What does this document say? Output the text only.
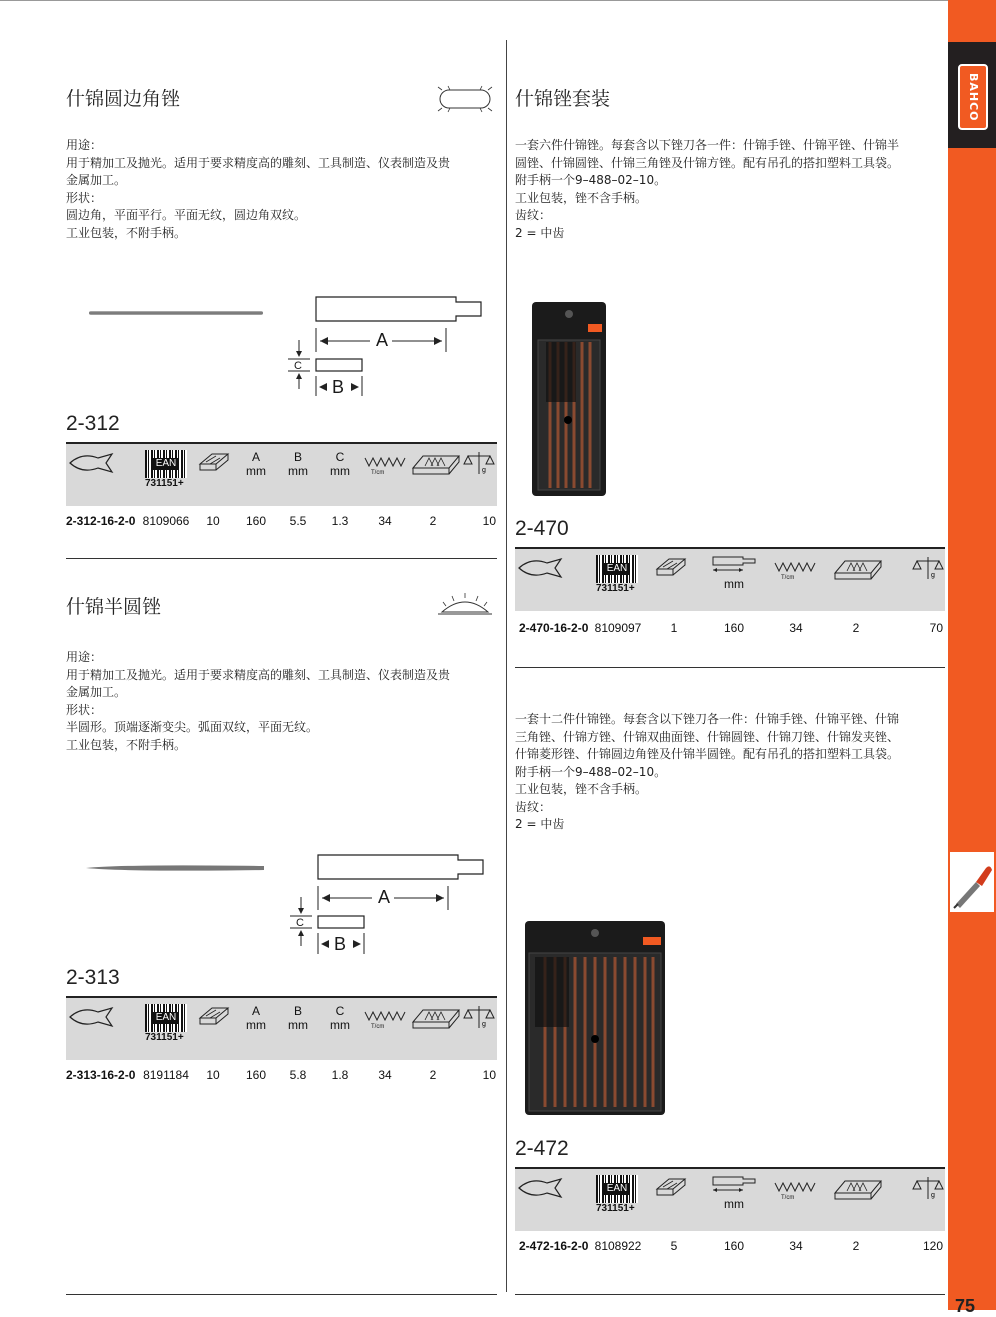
BAHCO
75
什锦圆边角锉
用途：
用于精加工及抛光。适用于要求精度高的雕刻、工具制造、仪表制造及贵
金属加工。
形状：
圆边角，平面平行。平面无纹，圆边角双纹。
工业包装，不附手柄。
A
C
B
2-312
EAN
731151+
A
mm
B
mm
C
mm	T/cm	g
2-312-16-2-0 8109066	10	160	5.5	1.3	34	2	10
什锦半圆锉
用途：
用于精加工及抛光。适用于要求精度高的雕刻、工具制造、仪表制造及贵
金属加工。
形状：
半圆形。顶端逐渐变尖。弧面双纹，平面无纹。
工业包装，不附手柄。
A
C
B
2-313
EAN
731151+
A
mm
B
mm
C
mm	T/cm	g
2-313-16-2-0 8191184	10	160	5.8	1.8	34	2	10
什锦锉套装
一套六件什锦锉。每套含以下锉刀各一件：什锦手锉、什锦平锉、什锦半
圆锉、什锦圆锉、什锦三角锉及什锦方锉。配有吊孔的搭扣塑料工具袋。
附手柄一个9–488–02–10。
工业包装，锉不含手柄。
齿纹：
2 = 中齿
2-470
EAN
731151+	mm	T/cm	g
2-470-16-2-0 8109097	1	160	34	2	70
一套十二件什锦锉。每套含以下锉刀各一件：什锦手锉、什锦平锉、什锦
三角锉、什锦方锉、什锦双曲面锉、什锦圆锉、什锦刀锉、什锦发夹锉、
什锦菱形锉、什锦圆边角锉及什锦半圆锉。配有吊孔的搭扣塑料工具袋。
附手柄一个9–488–02–10。
工业包装，锉不含手柄。
齿纹：
2 = 中齿
2-472
EAN
731151+	mm	T/cm	g
2-472-16-2-0 8108922	5	160	34	2	120
